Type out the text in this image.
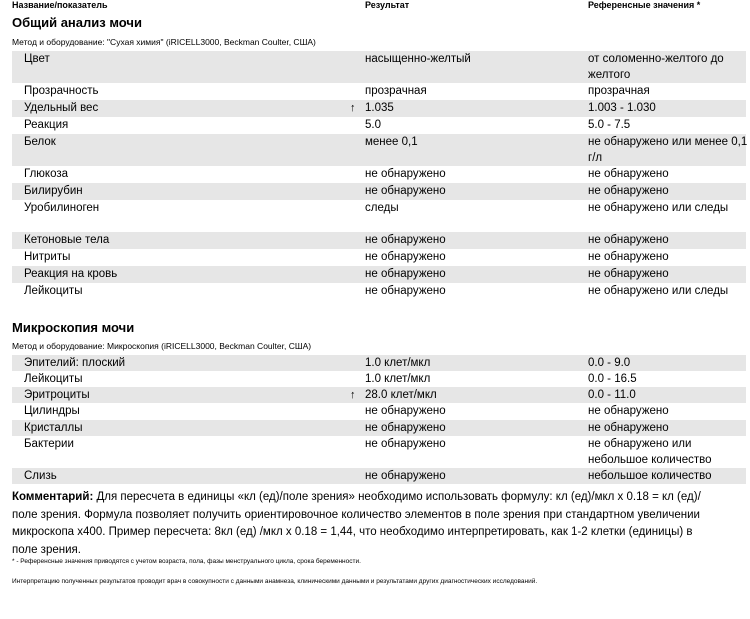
Название/показатель	Результат	Референсные значения *
Общий анализ мочи
Метод и оборудование: "Сухая химия" (iRICELL3000, Beckman Coulter, США)
Цвет	насыщенно-желтый	от соломенно-желтого до желтого
Прозрачность	прозрачная	прозрачная
Удельный вес	↑ 1.035	1.003 - 1.030
Реакция	5.0	5.0 - 7.5
Белок	менее 0,1	не обнаружено или менее 0,1 г/л
Глюкоза	не обнаружено	не обнаружено
Билирубин	не обнаружено	не обнаружено
Уробилиноген	следы	не обнаружено или следы
Кетоновые тела	не обнаружено	не обнаружено
Нитриты	не обнаружено	не обнаружено
Реакция на кровь	не обнаружено	не обнаружено
Лейкоциты	не обнаружено	не обнаружено или следы
Микроскопия мочи
Метод и оборудование: Микроскопия (iRICELL3000, Beckman Coulter, США)
Эпителий: плоский	1.0 клет/мкл	0.0 - 9.0
Лейкоциты	1.0 клет/мкл	0.0 - 16.5
Эритроциты	↑ 28.0 клет/мкл	0.0 - 11.0
Цилиндры	не обнаружено	не обнаружено
Кристаллы	не обнаружено	не обнаружено
Бактерии	не обнаружено	не обнаружено или небольшое количество
Слизь	не обнаружено	небольшое количество
Комментарий: Для пересчета в единицы «кл (ед)/поле зрения» необходимо использовать формулу: кл (ед)/мкл х 0.18 = кл (ед)/поле зрения. Формула позволяет получить ориентировочное количество элементов в поле зрения при стандартном увеличении микроскопа х400. Пример пересчета: 8кл (ед) /мкл х 0.18 = 1,44, что необходимо интерпретировать, как 1-2 клетки (единицы) в поле зрения.
* - Референсные значения приводятся с учетом возраста, пола, фазы менструального цикла, срока беременности.
Интерпретацию полученных результатов проводит врач в совокупности с данными анамнеза, клиническими данными и результатами других диагностических исследований.
